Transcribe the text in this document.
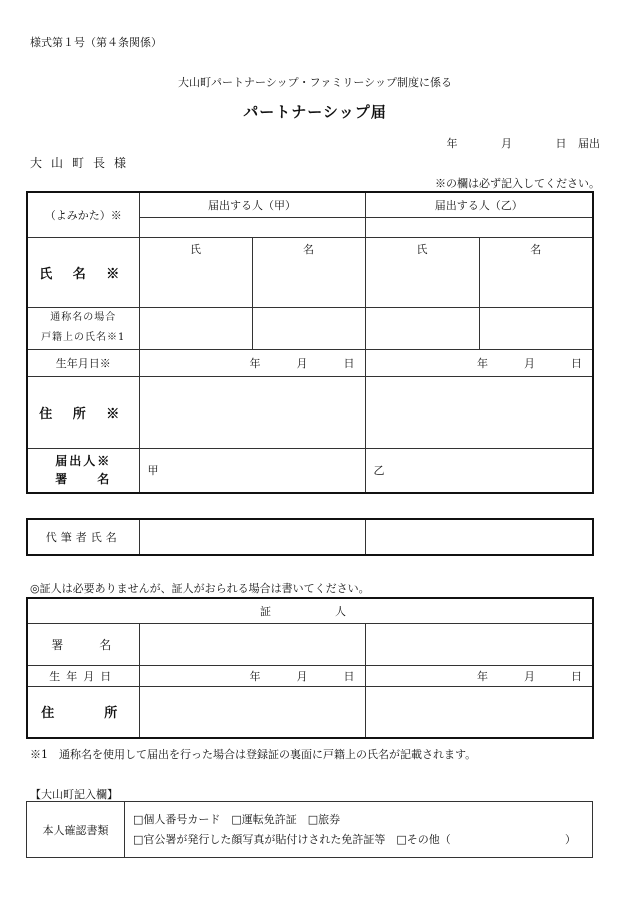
様式第１号（第４条関係）
大山町パートナーシップ・ファミリーシップ制度に係る
パートナーシップ届
年	月	日 届出
大山町長様
※の欄は必ず記入してください。
（よみかた）※	届出する人（甲）		届出する人（乙）	

氏 名 ※	氏	名	氏	名

通称名の場合
戸籍上の氏名※1				

生年月日※	年 月 日		年 月 日	
住 所 ※				

届出人※
署　　名	甲		乙	
代筆者氏名		
◎証人は必要ありませんが、証人がおられる場合は書いてください。
証　　人		
署　　名		
生年月日	年 月 日	年 月 日
住　　所		
※1　通称名を使用して届出を行った場合は登録証の裏面に戸籍上の氏名が記載されます。
【大山町記入欄】
本人確認書類	
□個人番号カード　□運転免許証　□旅券
□官公署が発行した顔写真が貼付けされた免許証等　□その他（	）
